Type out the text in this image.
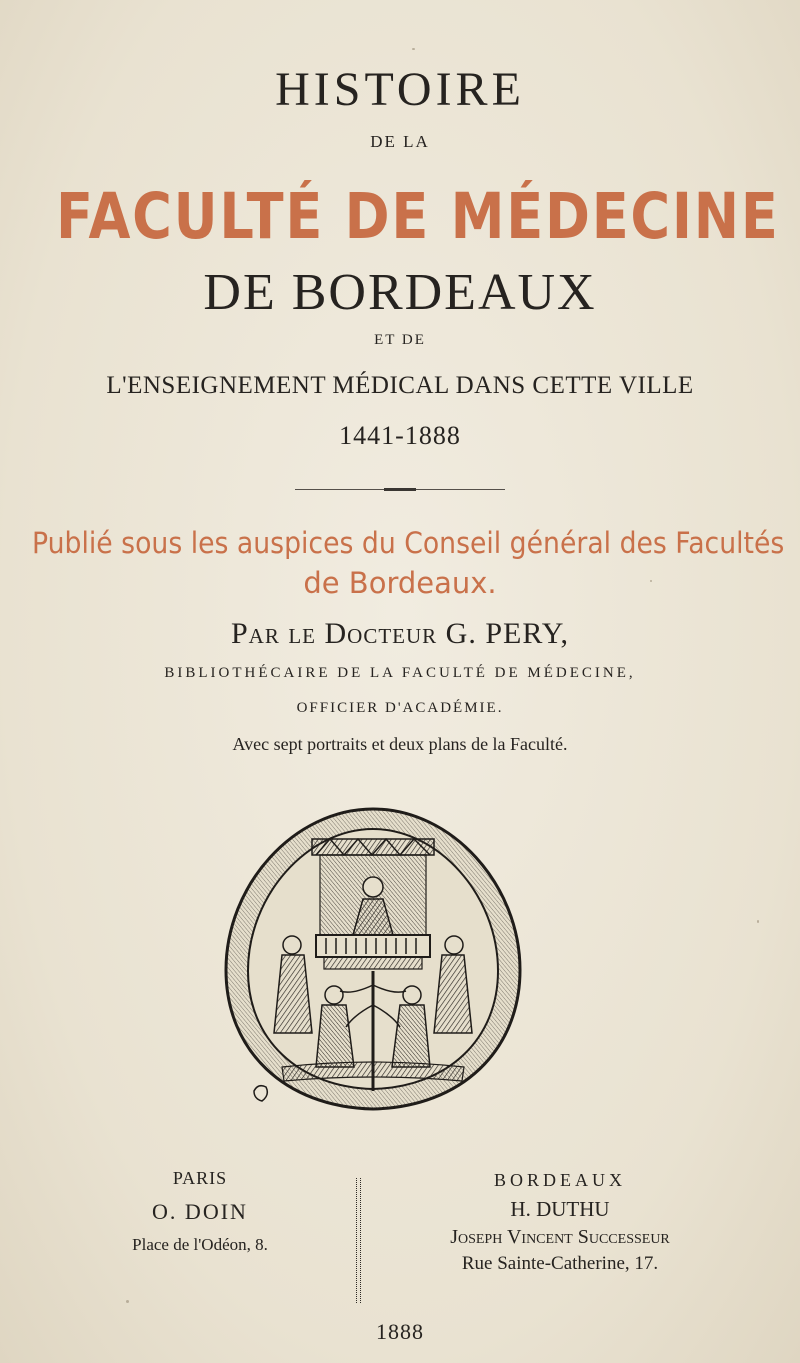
HISTOIRE
DE LA
FACULTÉ DE MÉDECINE
DE BORDEAUX
ET DE
L'ENSEIGNEMENT MÉDICAL DANS CETTE VILLE
1441-1888
Publié sous les auspices du Conseil général des Facultés
de Bordeaux.
Par le Docteur G. PERY,
BIBLIOTHÉCAIRE DE LA FACULTÉ DE MÉDECINE,
OFFICIER D'ACADÉMIE.
Avec sept portraits et deux plans de la Faculté.
PARIS
O. DOIN
Place de l'Odéon, 8.
BORDEAUX
H. DUTHU
Joseph Vincent Successeur
Rue Sainte-Catherine, 17.
1888
